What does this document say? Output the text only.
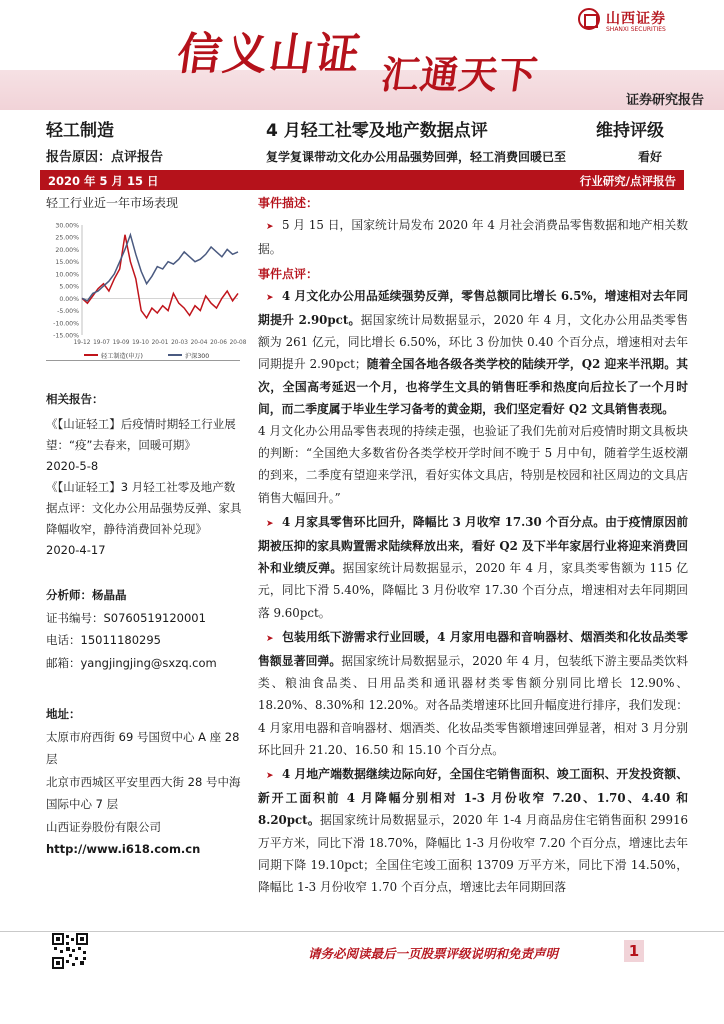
信义山证 汇通天下
山西证券
SHANXI SECURITIES
证券研究报告
轻工制造	4 月轻工社零及地产数据点评	维持评级
报告原因：点评报告	复学复课带动文化办公用品强势回弹，轻工消费回暖已至	看好
2020 年 5 月 15 日	行业研究/点评报告
轻工行业近一年市场表现
30.00%
25.00%
20.00%
15.00%
10.00%
5.00%
0.00%
-5.00%
-10.00%
-15.00%
19-12 19-07 19-09 19-10 20-01 20-03 20-04 20-06 20-08
轻工制造(申万)	沪深300
相关报告：

《【山证轻工】后疫情时期轻工行业展望：“疫”去春来，回暖可期》

2020-5-8

《【山证轻工】3 月轻工社零及地产数据点评：文化办公用品强势反弹、家具降幅收窄，静待消费回补兑现》

2020-4-17

分析师：杨晶晶
证书编号：S0760519120001
电话：15011180295
邮箱：yangjingjing@sxzq.com
地址：
太原市府西街 69 号国贸中心 A 座 28 层
北京市西城区平安里西大街 28 号中海国际中心 7 层
山西证券股份有限公司
http://www.i618.com.cn
事件描述：
➤ 5 月 15 日，国家统计局发布 2020 年 4 月社会消费品零售数据和地产相关数据。
事件点评：
➤ 4 月文化办公用品延续强势反弹，零售总额同比增长 6.5%，增速相对去年同期提升 2.90pct。据国家统计局数据显示，2020 年 4 月，文化办公用品类零售额为 261 亿元，同比增长 6.50%，环比 3 份加快 0.40 个百分点，增速相对去年同期提升 2.90pct；随着全国各地各级各类学校的陆续开学，Q2 迎来半汛期。其次，全国高考延迟一个月，也将学生文具的销售旺季和热度向后拉长了一个月时间，而二季度属于毕业生学习备考的黄金期，我们坚定看好 Q2 文具销售表现。
4 月文化办公用品零售表现的持续走强，也验证了我们先前对后疫情时期文具板块的判断：“全国绝大多数省份各类学校开学时间不晚于 5 月中旬，随着学生返校潮的到来，二季度有望迎来学汛，看好实体文具店，特别是校园和社区周边的文具店销售大幅回升。”
➤ 4 月家具零售环比回升，降幅比 3 月收窄 17.30 个百分点。由于疫情原因前期被压抑的家具购置需求陆续释放出来，看好 Q2 及下半年家居行业将迎来消费回补和业绩反弹。据国家统计局数据显示，2020 年 4 月，家具类零售额为 115 亿元，同比下滑 5.40%，降幅比 3 月份收窄 17.30 个百分点，增速相对去年同期回落 9.60pct。
➤ 包装用纸下游需求行业回暖，4 月家用电器和音响器材、烟酒类和化妆品类零售额显著回弹。据国家统计局数据显示，2020 年 4 月，包装纸下游主要品类饮料类、粮油食品类、日用品类和通讯器材类零售额分别同比增长 12.90%、18.20%、8.30%和 12.20%。对各品类增速环比回升幅度进行排序，我们发现：4 月家用电器和音响器材、烟酒类、化妆品类零售额增速回弹显著，相对 3 月分别环比回升 21.20、16.50 和 15.10 个百分点。
➤ 4 月地产端数据继续边际向好，全国住宅销售面积、竣工面积、开发投资额、新开工面积前 4 月降幅分别相对 1-3 月份收窄 7.20、1.70、4.40 和 8.20pct。据国家统计局数据显示，2020 年 1-4 月商品房住宅销售面积 29916 万平方米，同比下滑 18.70%，降幅比 1-3 月份收窄 7.20 个百分点，增速比去年同期下降 19.10pct；全国住宅竣工面积 13709 万平方米，同比下滑 14.50%，降幅比 1-3 月份收窄 1.70 个百分点，增速比去年同期回落
请务必阅读最后一页股票评级说明和免责声明	1
